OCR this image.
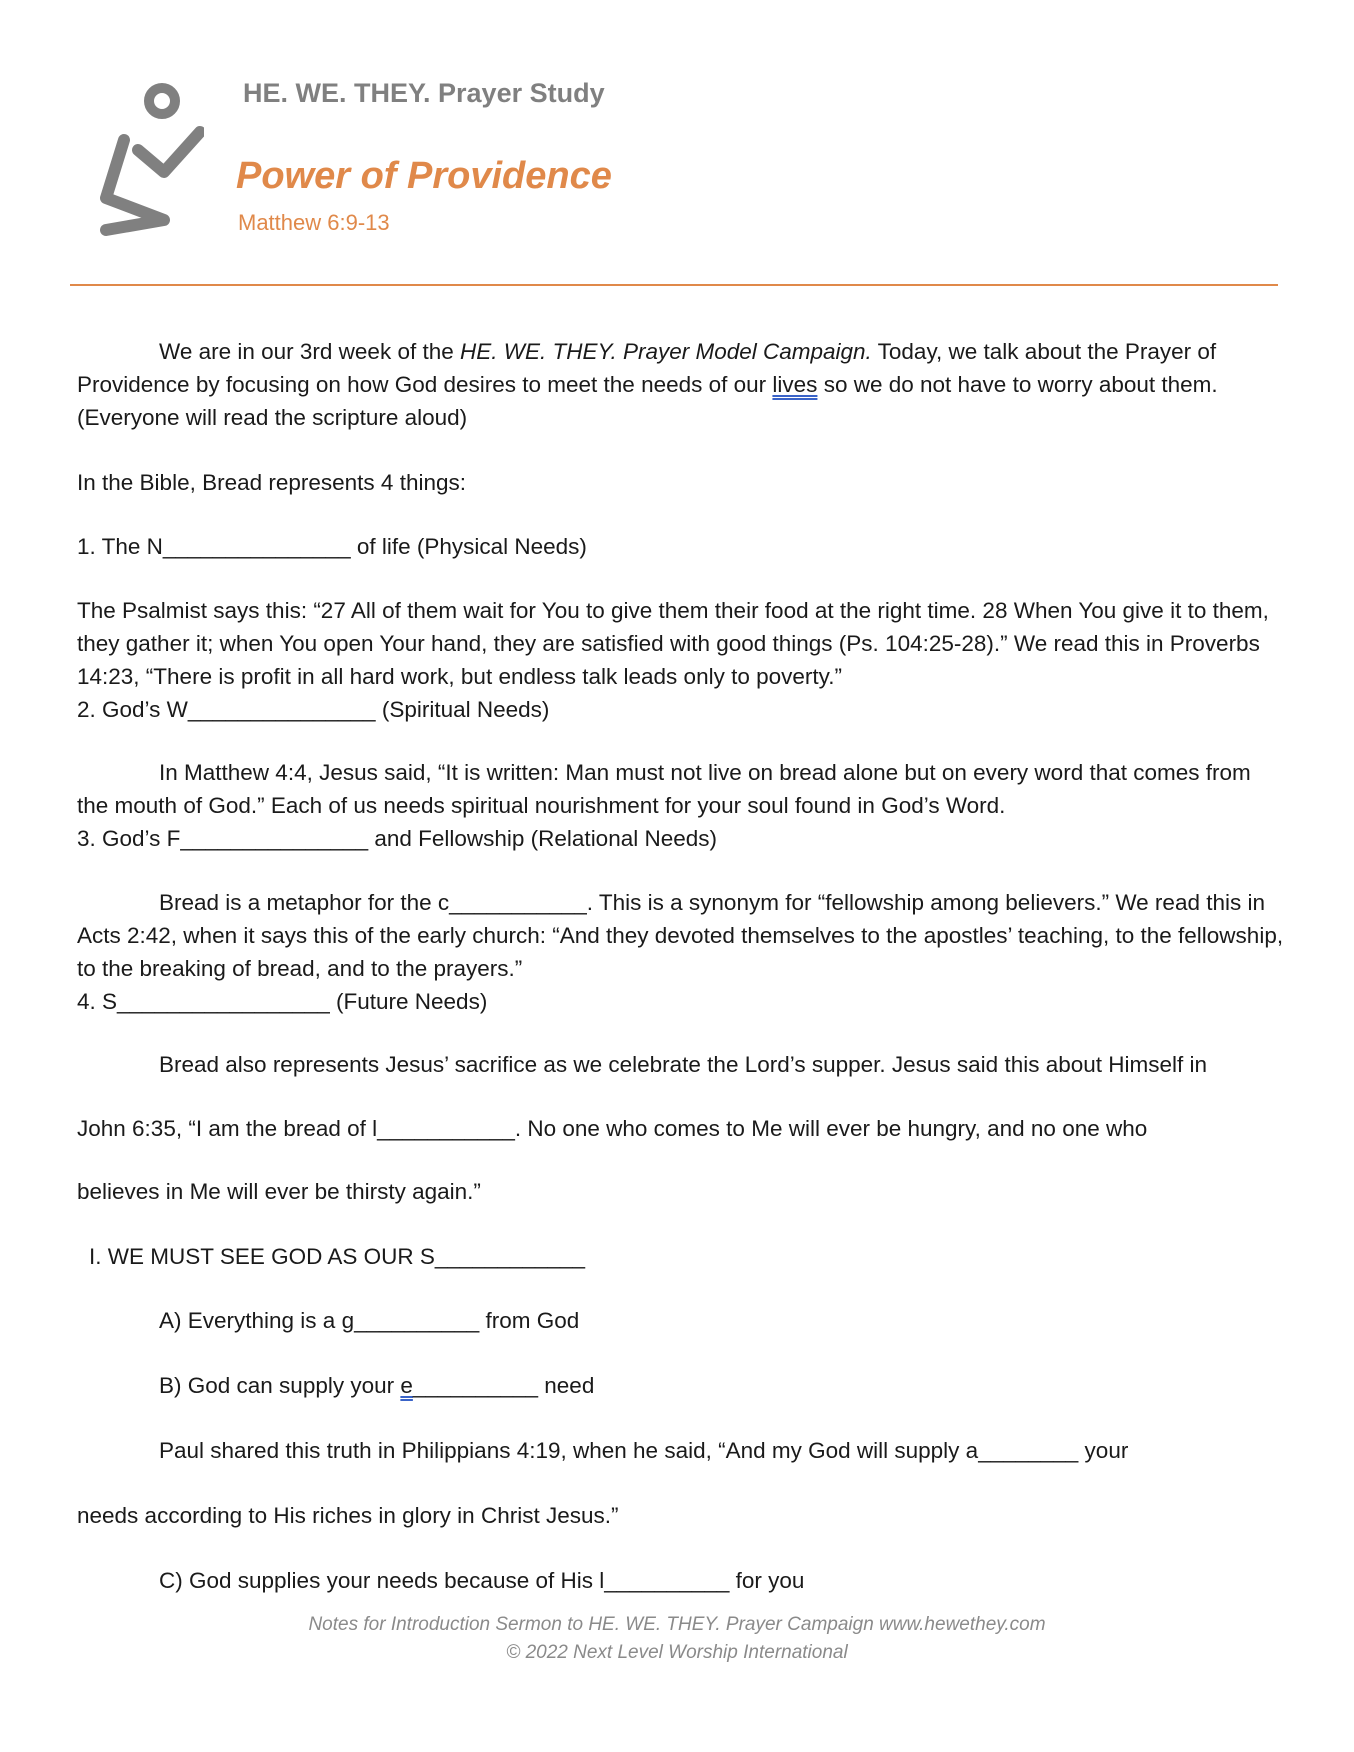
HE. WE. THEY. Prayer Study
Power of Providence
Matthew 6:9-13

We are in our 3rd week of the HE. WE. THEY. Prayer Model Campaign. Today, we talk about the Prayer of Providence by focusing on how God desires to meet the needs of our lives so we do not have to worry about them. (Everyone will read the scripture aloud)

In the Bible, Bread represents 4 things:
1. The N_______________ of life (Physical Needs)

The Psalmist says this: “27 All of them wait for You to give them their food at the right time. 28 When You give it to them, they gather it; when You open Your hand, they are satisfied with good things (Ps. 104:25-28).” We read this in Proverbs 14:23, “There is profit in all hard work, but endless talk leads only to poverty.”

2. God’s W_______________ (Spiritual Needs)

In Matthew 4:4, Jesus said, “It is written: Man must not live on bread alone but on every word that comes from the mouth of God.” Each of us needs spiritual nourishment for your soul found in God’s Word.

3. God’s F_______________ and Fellowship (Relational Needs)

Bread is a metaphor for the c___________. This is a synonym for “fellowship among believers.” We read this in Acts 2:42, when it says this of the early church: “And they devoted themselves to the apostles’ teaching, to the fellowship, to the breaking of bread, and to the prayers.”

4. S_________________ (Future Needs)

Bread also represents Jesus’ sacrifice as we celebrate the Lord’s supper. Jesus said this about Himself in
John 6:35, “I am the bread of l___________. No one who comes to Me will ever be hungry, and no one who
believes in Me will ever be thirsty again.”
I. WE MUST SEE GOD AS OUR S____________
A) Everything is a g__________ from God
B) God can supply your e__________ need
Paul shared this truth in Philippians 4:19, when he said, “And my God will supply a________ your
needs according to His riches in glory in Christ Jesus.”
C) God supplies your needs because of His l__________ for you
Notes for Introduction Sermon to HE. WE. THEY. Prayer Campaign www.hewethey.com
© 2022 Next Level Worship International
